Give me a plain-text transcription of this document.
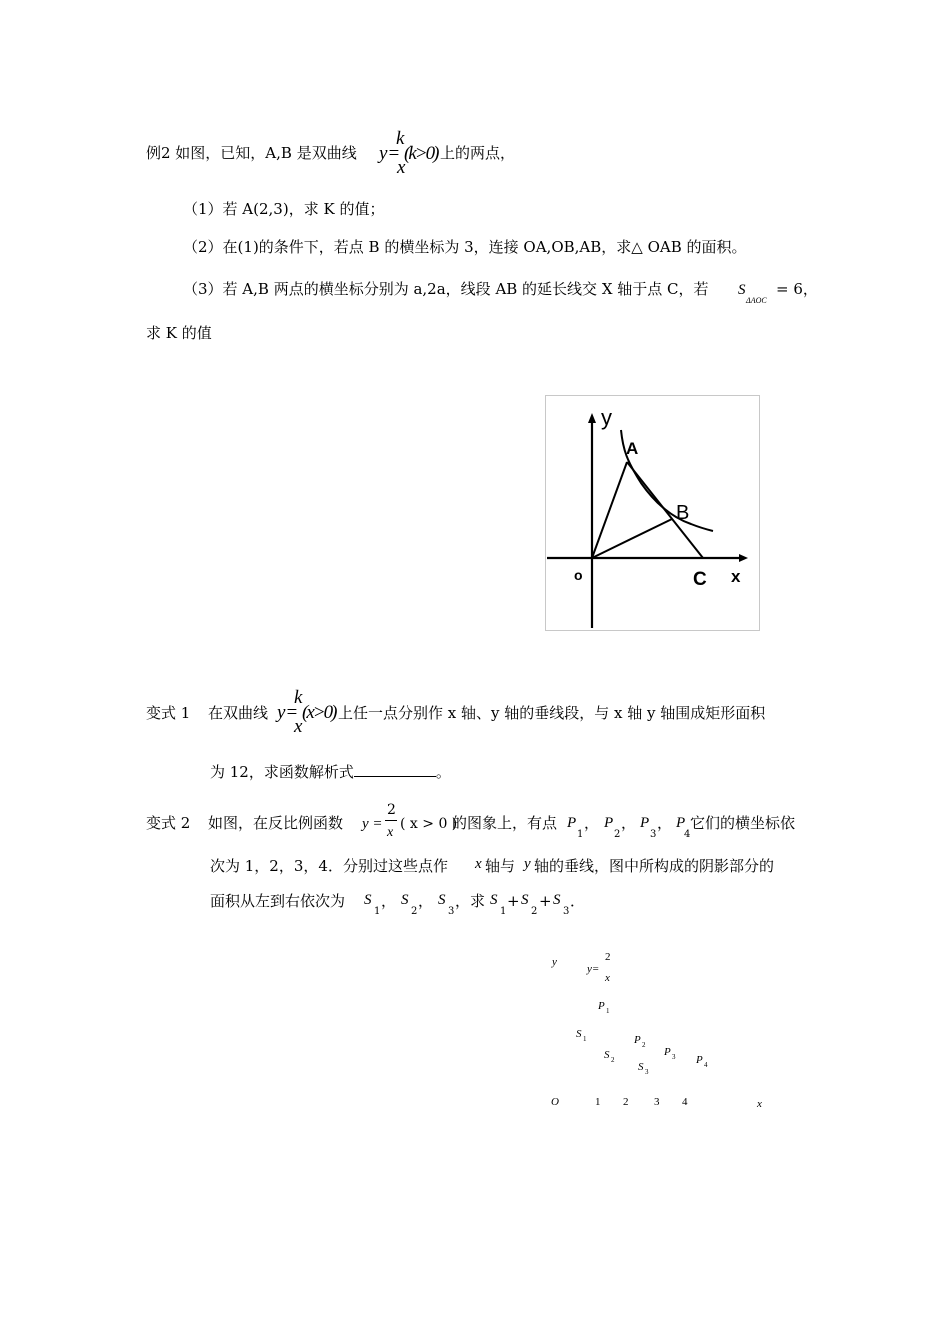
例2 如图，已知，A,B 是双曲线
k
y= (k>0)
x
上的两点，
（1）若 A(2,3)，求 K 的值；
（2）在(1)的条件下，若点 B 的横坐标为 3，连接 OA,OB,AB，求△ OAB 的面积。
（3）若 A,B 两点的横坐标分别为 a,2a，线段 AB 的延长线交 X 轴于点 C，若 S
ΔAOC
= 6，
求 K 的值
y
A
B
C x
o
变式 1 在双曲线
k
y= (x>0)
x
上任一点分别作 x 轴、y 轴的垂线段，与 x 轴 y 轴围成矩形面积
为 12，求函数解析式	。
变式 2 如图，在反比例函数 y =
2
x
( x > 0 )
的图象上，有点 P
1
， P
2
， P
3
， P
4
它们的横坐标依
次为 1，2，3，4．分别过这些点作 x 轴与 y 轴的垂线，图中所构成的阴影部分的
面积从左到右依次为 S
1
， S
2
， S
3
，求 S
1
+ S
2
+ S
3
．
y
y=
2
x
P 1
S 1	P 2
S 2
P 3
S 3
P 4
O	1 2 3 4	x
